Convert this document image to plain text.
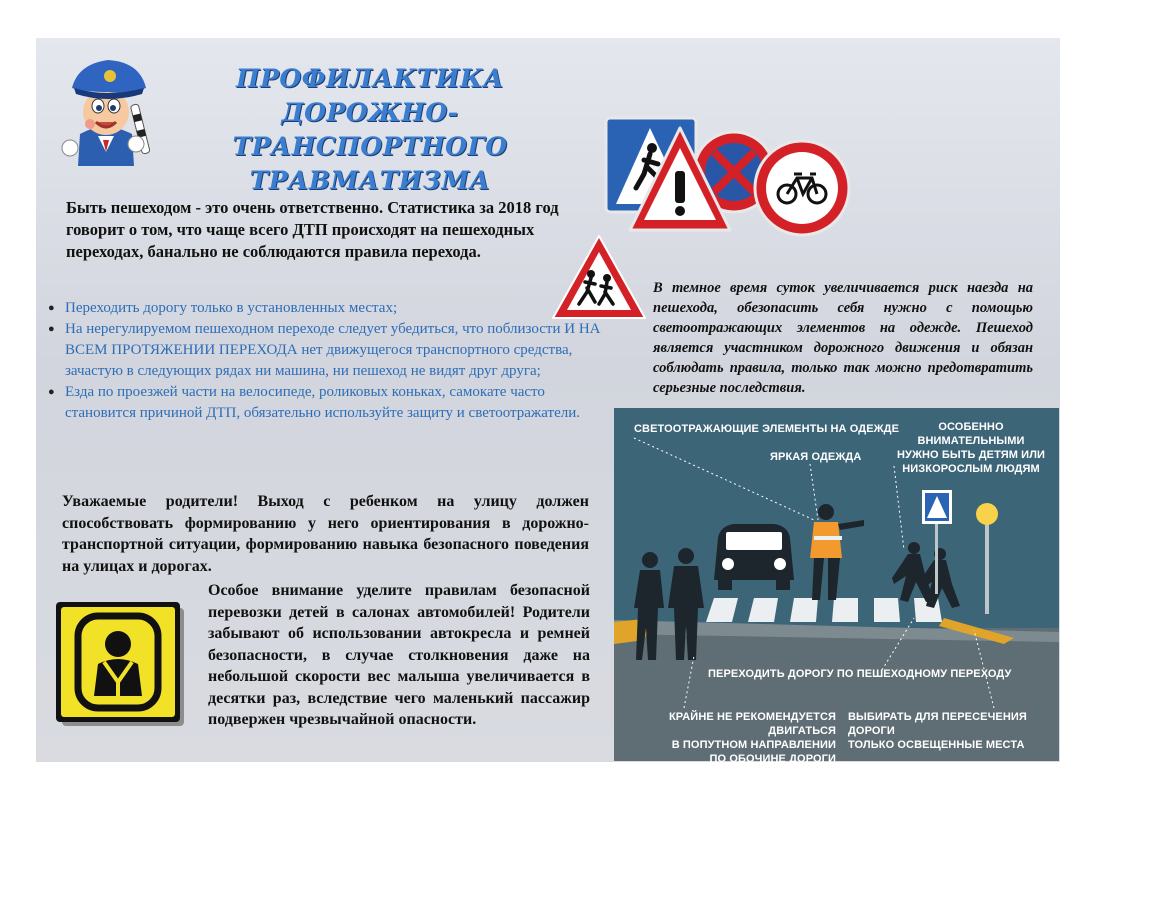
ПРОФИЛАКТИКА
ДОРОЖНО-ТРАНСПОРТНОГО
ТРАВМАТИЗМА
Быть пешеходом - это очень ответственно. Статистика за 2018 год говорит о том, что чаще всего ДТП происходят на пешеходных переходах, банально не соблюдаются правила перехода.
● Переходить дорогу только в установленных местах;
● На нерегулируемом пешеходном переходе следует убедиться, что поблизости И НА ВСЕМ ПРОТЯЖЕНИИ ПЕРЕХОДА нет движущегося транспортного средства, зачастую в следующих рядах ни машина, ни пешеход не видят друг друга;
● Езда по проезжей части на велосипеде, роликовых коньках, самокате часто становится причиной ДТП, обязательно используйте защиту и светоотражатели.
В темное время суток увеличивается риск наезда на пешехода, обезопасить себя нужно с помощью светоотражающих элементов на одежде. Пешеход является участником дорожного движения и обязан соблюдать правила, только так можно предотвратить серьезные последствия.
Уважаемые родители! Выход с ребенком на улицу должен способствовать формированию у него ориентирования в дорожно-транспортной ситуации, формированию навыка безопасного поведения на улицах и дорогах.
Особое внимание уделите правилам безопасной перевозки детей в салонах автомобилей! Родители забывают об использовании автокресла и ремней безопасности, в случае столкновения даже на небольшой скорости вес малыша увеличивается в десятки раз, вследствие чего маленький пассажир подвержен чрезвычайной опасности.
СВЕТООТРАЖАЮЩИЕ ЭЛЕМЕНТЫ НА ОДЕЖДЕ
ЯРКАЯ ОДЕЖДА
ОСОБЕННО ВНИМАТЕЛЬНЫМИ
НУЖНО БЫТЬ ДЕТЯМ ИЛИ
НИЗКОРОСЛЫМ ЛЮДЯМ
ПЕРЕХОДИТЬ ДОРОГУ ПО ПЕШЕХОДНОМУ ПЕРЕХОДУ
КРАЙНЕ НЕ РЕКОМЕНДУЕТСЯ ДВИГАТЬСЯ
В ПОПУТНОМ НАПРАВЛЕНИИ
ПО ОБОЧИНЕ ДОРОГИ
ВЫБИРАТЬ ДЛЯ ПЕРЕСЕЧЕНИЯ ДОРОГИ
ТОЛЬКО ОСВЕЩЕННЫЕ МЕСТА
